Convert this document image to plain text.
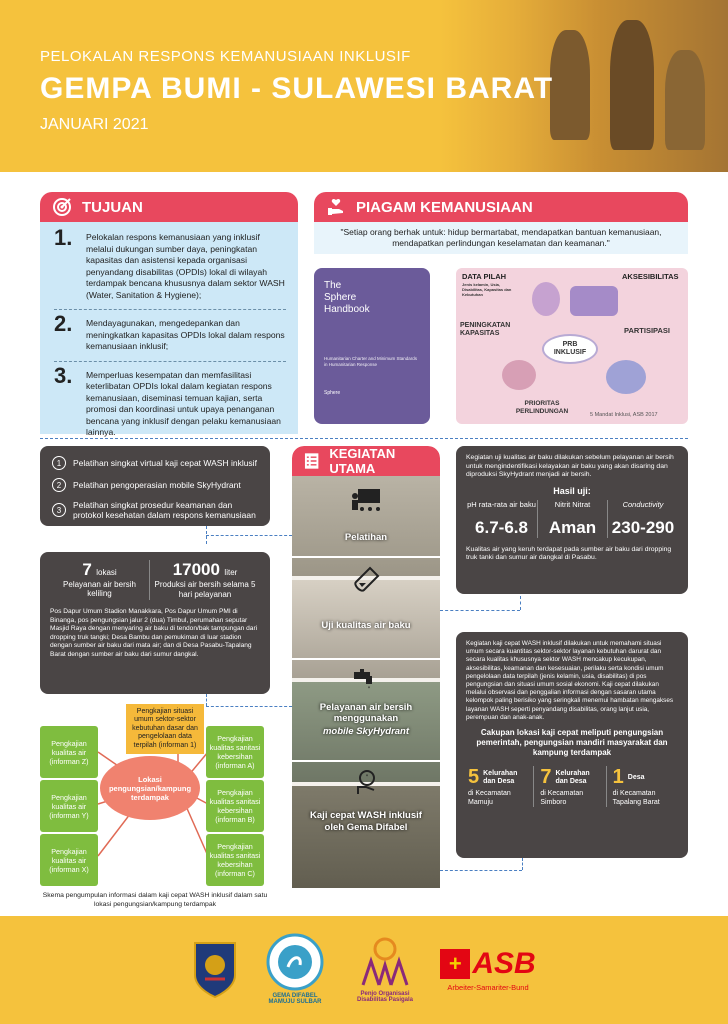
PELOKALAN RESPONS KEMANUSIAAN INKLUSIF
GEMPA BUMI - SULAWESI BARAT
JANUARI 2021
TUJUAN
1.	Pelokalan respons kemanusiaan yang inklusif melalui dukungan sumber daya, peningkatan kapasitas dan asistensi kepada organisasi penyandang disabilitas (OPDIs) lokal di wilayah terdampak bencana khususnya dalam sektor WASH (Water, Sanitation & Hygiene);
2.	Mendayagunakan, mengedepankan dan meningkatkan kapasitas OPDIs lokal dalam respons kemanusiaan inklusif;
3.	Memperluas kesempatan dan memfasilitasi keterlibatan OPDIs lokal dalam kegiatan respons kemanusiaan, diseminasi temuan kajian, serta promosi dan koordinasi untuk upaya penanganan bencana yang inklusif dengan pelaku kemanusiaan lainnya.
PIAGAM KEMANUSIAAN
"Setiap orang berhak untuk: hidup bermartabat, mendapatkan bantuan kemanusiaan, mendapatkan perlindungan keselamatan dan keamanan."
The
Sphere
Handbook
Humanitarian Charter and Minimum Standards in Humanitarian Response
Sphere
DATA PILAH
Jenis kelamin, Usia, Disabilitas, Kapasitas dan Kebutuhan
AKSESIBILITAS
PENINGKATAN KAPASITAS
PRB INKLUSIF
PARTISIPASI
PRIORITAS PERLINDUNGAN	5 Mandat Inklusi, ASB 2017
1	Pelatihan singkat virtual kaji cepat WASH inklusif
2	Pelatihan pengoperasian mobile SkyHydrant
3	Pelatihan singkat prosedur keamanan dan protokol kesehatan dalam respons kemanusiaan
7 lokasi
Pelayanan air bersih keliling
17000 liter
Produksi air bersih selama 5 hari pelayanan
Pos Dapur Umum Stadion Manakkara, Pos Dapur Umum PMI di Binanga, pos pengungsian jalur 2 (dua) Timbul, perumahan seputar Masjid Raya dengan menyaring air baku di tendon/bak tampungan dari dropping truk tangki; Desa Bambu dan pemukiman di luar stadion dengan sumber air baku dari mata air; dan di Desa Pasabu-Tapalang Barat dengan sumber air baku dari sumur dangkal.
KEGIATAN UTAMA
Pelatihan
Uji kualitas air baku
Pelayanan air bersih menggunakan
mobile SkyHydrant
Kaji cepat WASH inklusif oleh Gema Difabel
Kegiatan uji kualitas air baku dilakukan sebelum pelayanan air bersih untuk mengindentifikasi kelayakan air baku yang akan disaring dan diproduksi SkyHydrant menjadi air bersih.
Hasil uji:
pH rata-rata air baku
6.7-6.8
Nitrit Nitrat
Aman
Conductivity
230-290
Kualitas air yang keruh terdapat pada sumber air baku dari dropping truk tanki dan sumur air dangkal di Pasabu.
Kegiatan kaji cepat WASH inklusif dilakukan untuk memahami situasi umum secara kuantitas sektor-sektor layanan kebutuhan darurat dan secara kualitas khususnya sektor WASH mencakup kecukupan, aksesibilitas, keamanan dan kesesuaian, perilaku serta kondisi umum pengelolaan data terpilah (jenis kelamin, usia, disabilitas) di pos pengungsian dan situasi umum sosial ekonomi. Kaji cepat dilakukan melalui observasi dan penggalian informasi dengan sasaran utama kelompok paling berisiko yang seringkali menemui hambatan mengakses layanan WASH seperti penyandang disabilitas, orang lanjut usia, perempuan dan anak-anak.
Cakupan lokasi kaji cepat meliputi pengungsian pemerintah, pengungsian mandiri masyarakat dan kampung terdampak
5 Kelurahan dan Desa
di Kecamatan Mamuju
7 Kelurahan dan Desa
di Kecamatan Simboro
1 Desa
di Kecamatan Tapalang Barat
Lokasi pengungsian/kampung terdampak
Pengkajian situasi umum sektor-sektor kebutuhan dasar dan pengelolaan data terpilah (informan 1)
Pengkajian kualitas air (informan Z)
Pengkajian kualitas air (informan Y)
Pengkajian kualitas air (informan X)
Pengkajian kualitas sanitasi kebersihan (informan A)
Pengkajian kualitas sanitasi kebersihan (informan B)
Pengkajian kualitas sanitasi kebersihan (informan C)
Skema pengumpulan informasi dalam kaji cepat WASH inklusif dalam satu lokasi pengungsian/kampung terdampak
GEMA DIFABEL MAMUJU SULBAR
Penjo Organisasi Disabilitas Pasigala
+ ASB
Arbeiter-Samariter-Bund
